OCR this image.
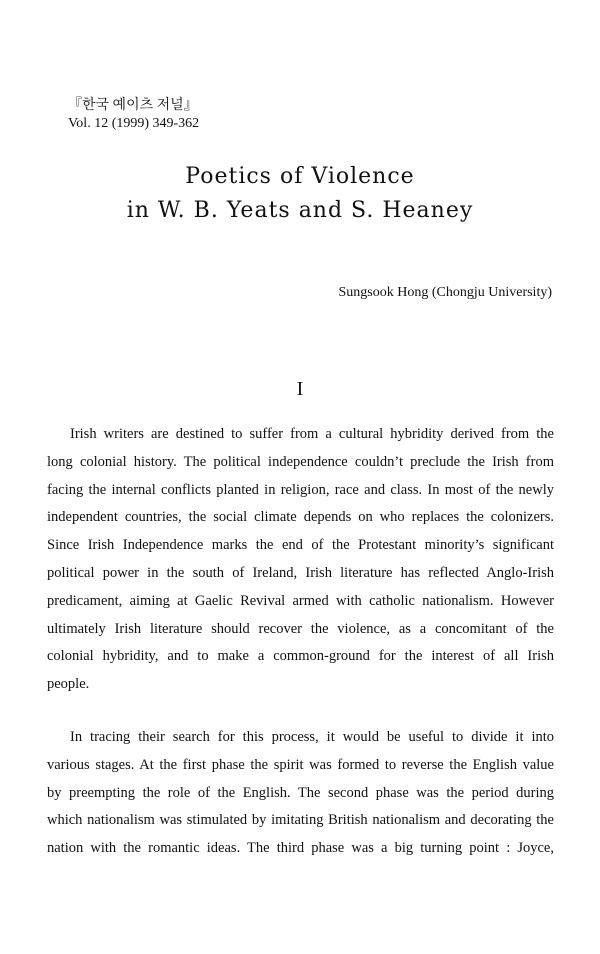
『한국 예이츠 저널』
Vol. 12 (1999) 349-362
Poetics of Violence
in W. B. Yeats and S. Heaney
Sungsook Hong (Chongju University)
I
Irish writers are destined to suffer from a cultural hybridity derived from the
long colonial history. The political independence couldn’t preclude the Irish from
facing the internal conflicts planted in religion, race and class. In most of the newly
independent countries, the social climate depends on who replaces the colonizers.
Since Irish Independence marks the end of the Protestant minority’s significant
political power in the south of Ireland, Irish literature has reflected Anglo-Irish
predicament, aiming at Gaelic Revival armed with catholic nationalism. However
ultimately Irish literature should recover the violence, as a concomitant of the
colonial hybridity, and to make a common-ground for the interest of all Irish
people.
In tracing their search for this process, it would be useful to divide it into
various stages. At the first phase the spirit was formed to reverse the English value
by preempting the role of the English. The second phase was the period during
which nationalism was stimulated by imitating British nationalism and decorating the
nation with the romantic ideas. The third phase was a big turning point : Joyce,
